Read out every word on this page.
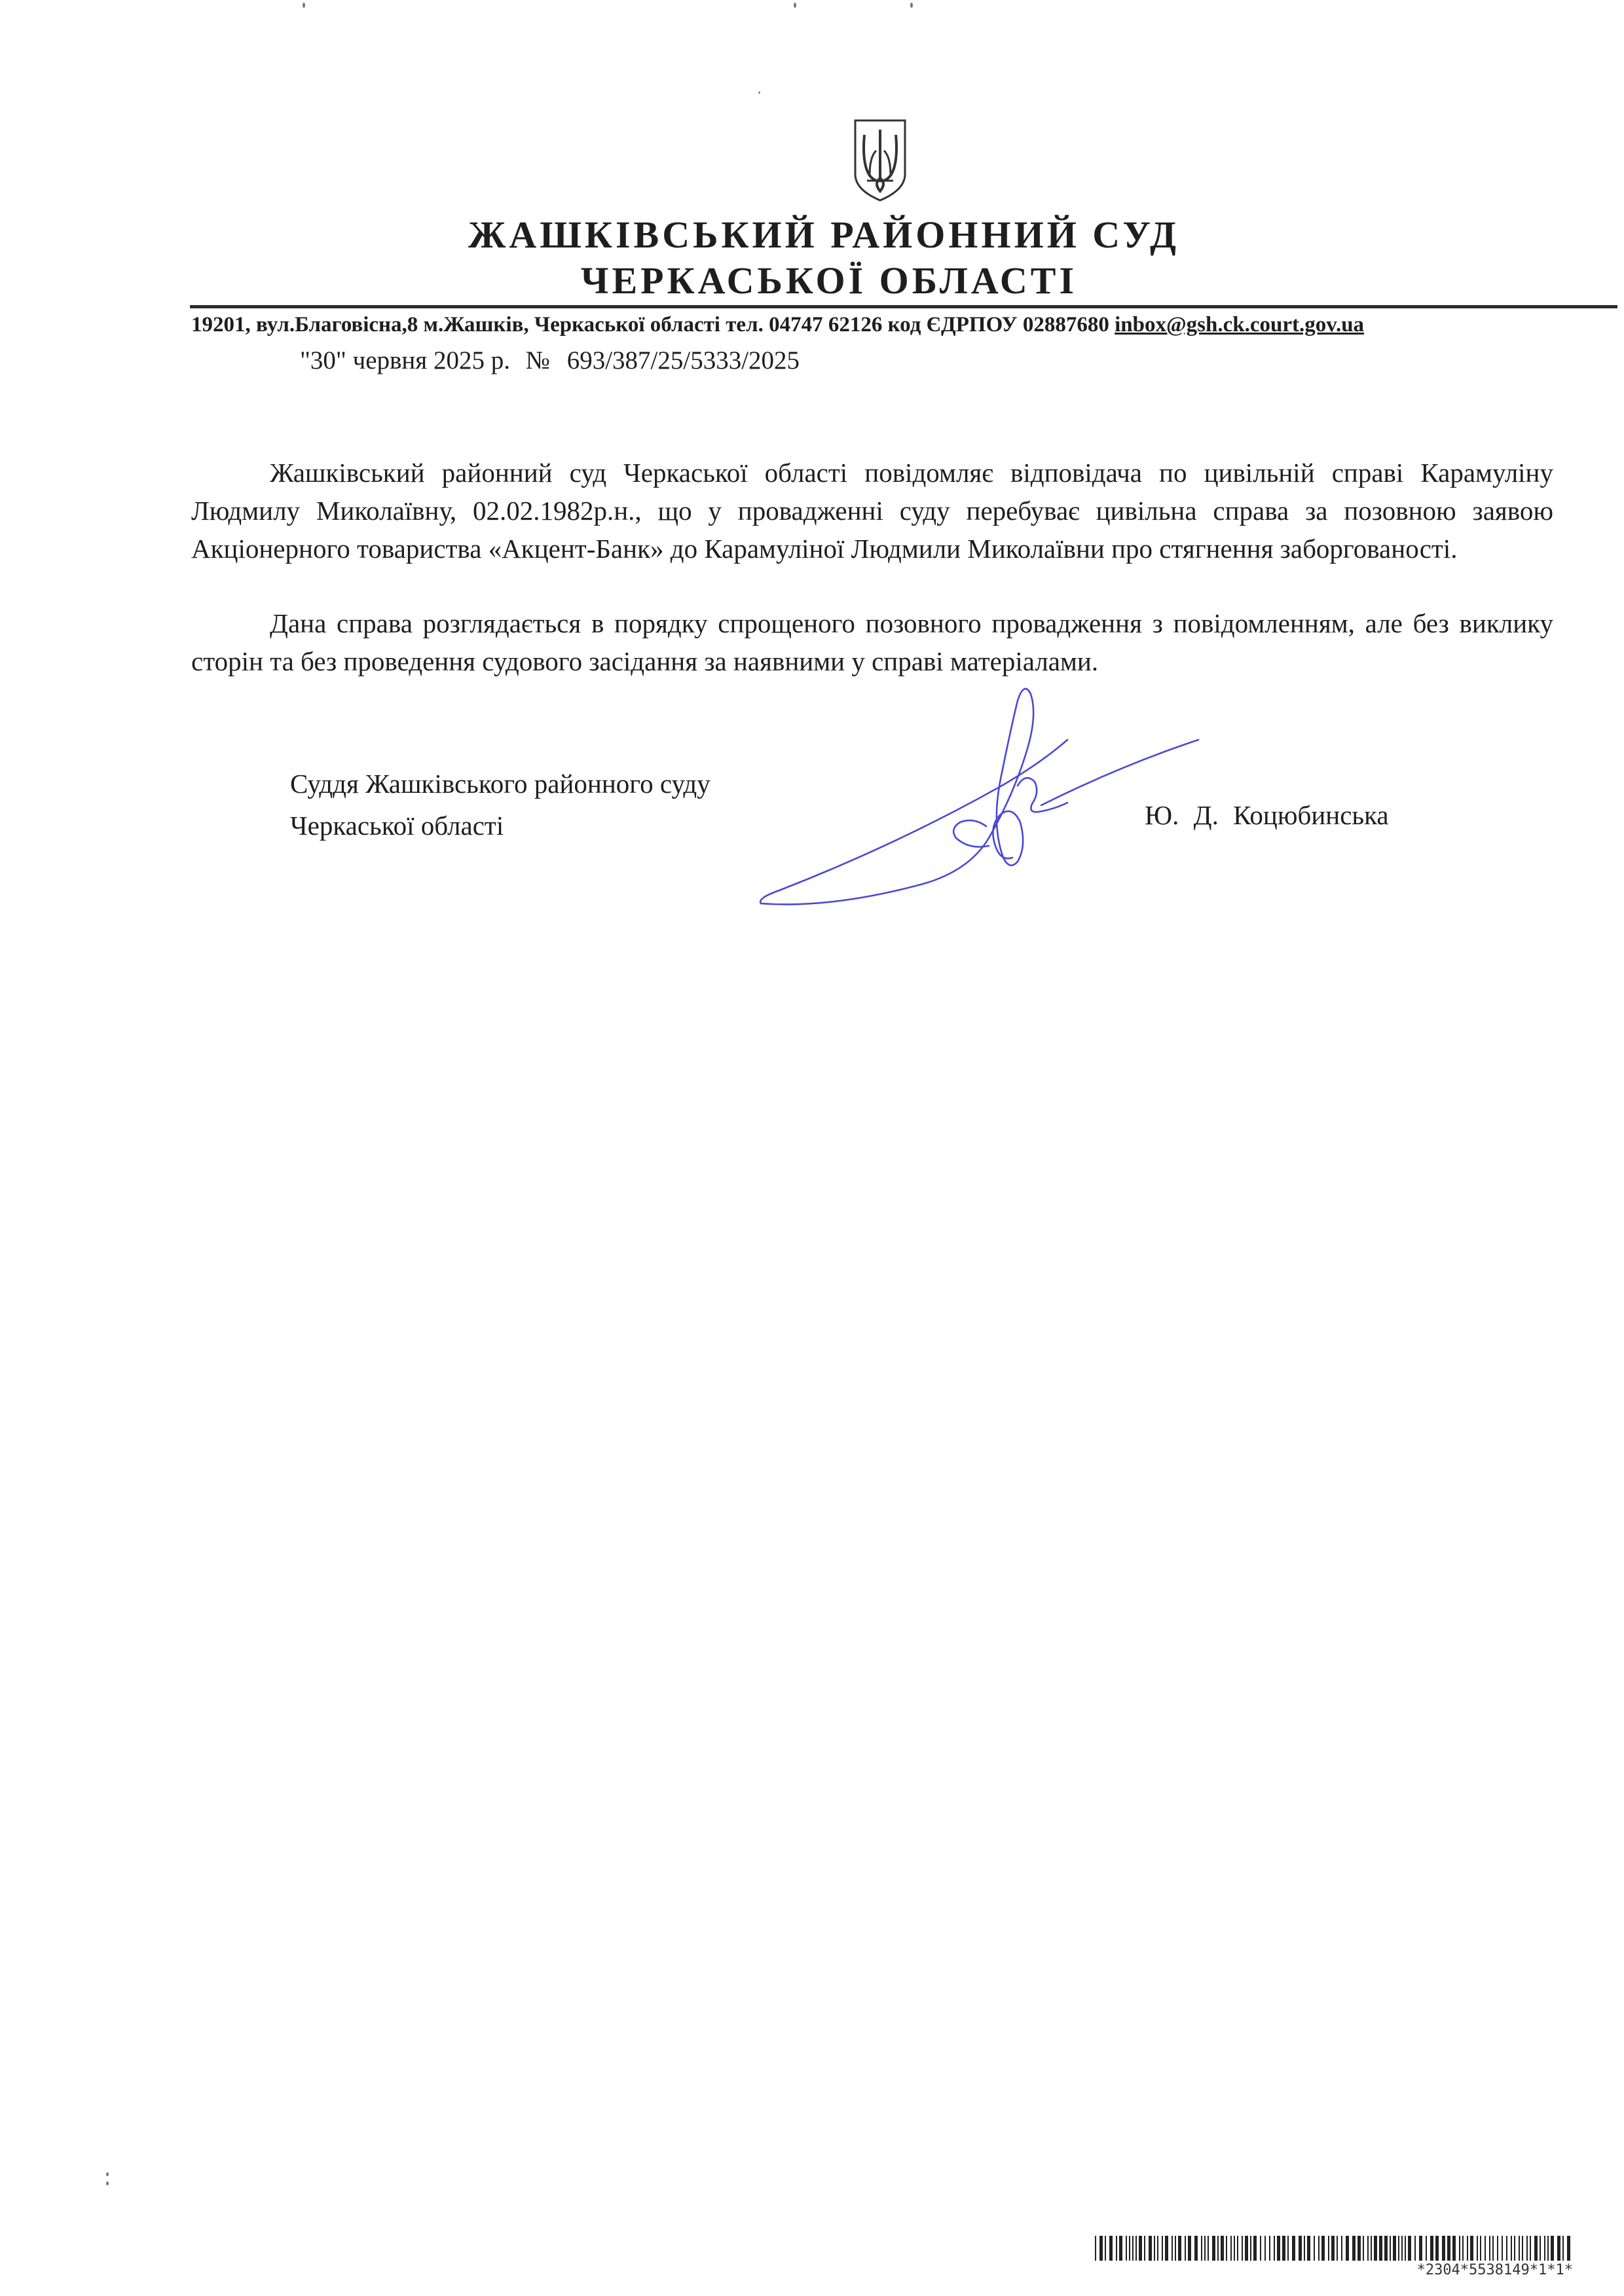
ЖАШКІВСЬКИЙ РАЙОННИЙ СУД
ЧЕРКАСЬКОЇ ОБЛАСТІ
19201, вул.Благовісна,8 м.Жашків, Черкаської області тел. 04747 62126 код ЄДРПОУ 02887680 inbox@gsh.ck.court.gov.ua
"30" червня 2025 р. № 693/387/25/5333/2025

Жашківський районний суд Черкаської області повідомляє відповідача по цивільній справі Карамуліну Людмилу Миколаївну, 02.02.1982р.н., що у провадженні суду перебуває цивільна справа за позовною заявою Акціонерного товариства «Акцент-Банк» до Карамуліної Людмили Миколаївни про стягнення заборгованості.

Дана справа розглядається в порядку спрощеного позовного провадження з повідомленням, але без виклику сторін та без проведення судового засідання за наявними у справі матеріалами.

Суддя Жашківського районного суду
Черкаської області	Ю. Д. Коцюбинська
*2304*5538149*1*1*
